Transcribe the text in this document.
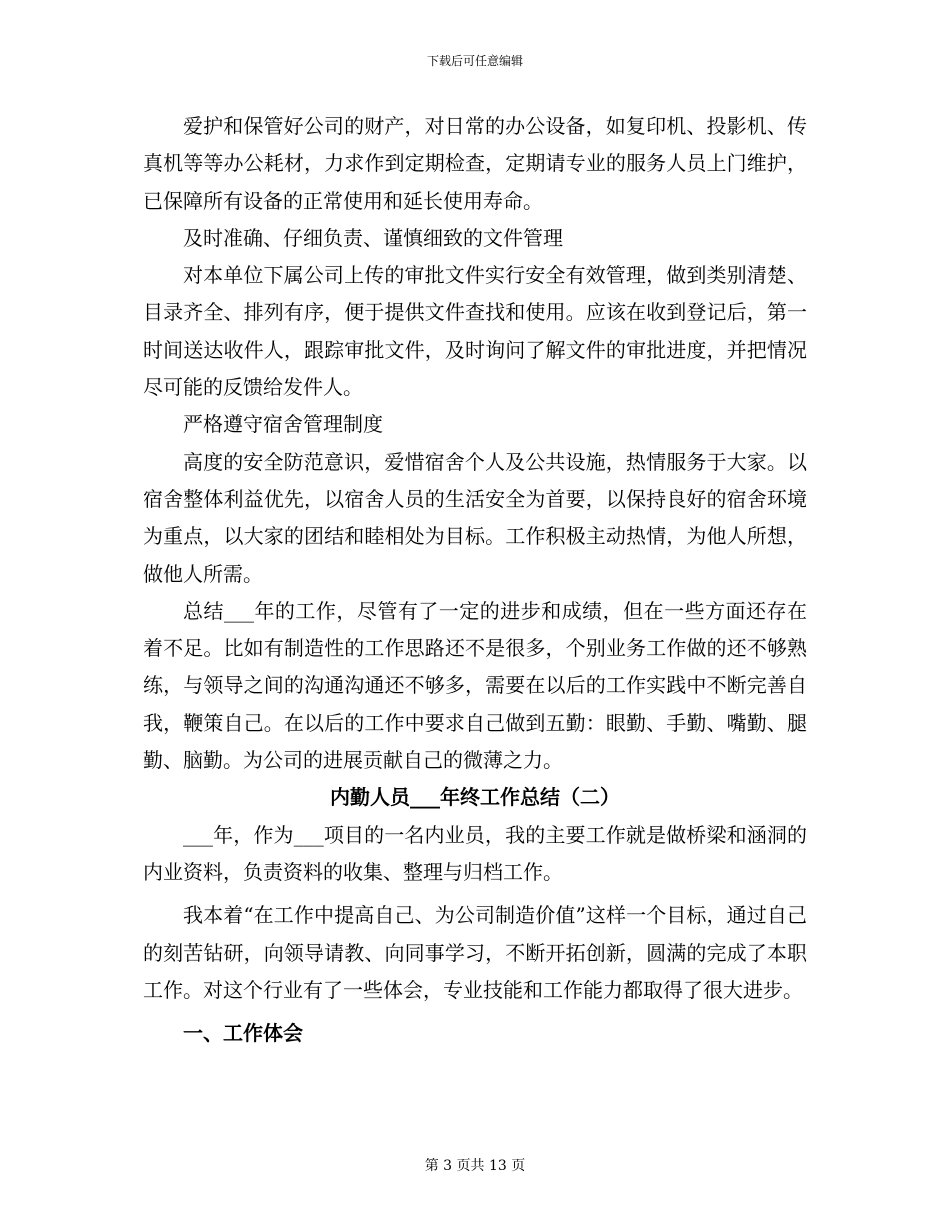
下载后可任意编辑

爱护和保管好公司的财产，对日常的办公设备，如复印机、投影机、传真机等等办公耗材，力求作到定期检查，定期请专业的服务人员上门维护，已保障所有设备的正常使用和延长使用寿命。

及时准确、仔细负责、谨慎细致的文件管理

对本单位下属公司上传的审批文件实行安全有效管理，做到类别清楚、目录齐全、排列有序，便于提供文件查找和使用。应该在收到登记后，第一时间送达收件人，跟踪审批文件，及时询问了解文件的审批进度，并把情况尽可能的反馈给发件人。

严格遵守宿舍管理制度

高度的安全防范意识，爱惜宿舍个人及公共设施，热情服务于大家。以宿舍整体利益优先，以宿舍人员的生活安全为首要，以保持良好的宿舍环境为重点，以大家的团结和睦相处为目标。工作积极主动热情，为他人所想，做他人所需。

总结___年的工作，尽管有了一定的进步和成绩，但在一些方面还存在着不足。比如有制造性的工作思路还不是很多，个别业务工作做的还不够熟练，与领导之间的沟通沟通还不够多，需要在以后的工作实践中不断完善自我，鞭策自己。在以后的工作中要求自己做到五勤：眼勤、手勤、嘴勤、腿勤、脑勤。为公司的进展贡献自己的微薄之力。

内勤人员___年终工作总结（二）

___年，作为___项目的一名内业员，我的主要工作就是做桥梁和涵洞的内业资料，负责资料的收集、整理与归档工作。

我本着“在工作中提高自己、为公司制造价值”这样一个目标，通过自己的刻苦钻研，向领导请教、向同事学习，不断开拓创新，圆满的完成了本职工作。对这个行业有了一些体会，专业技能和工作能力都取得了很大进步。

一、工作体会
第 3 页共 13 页
